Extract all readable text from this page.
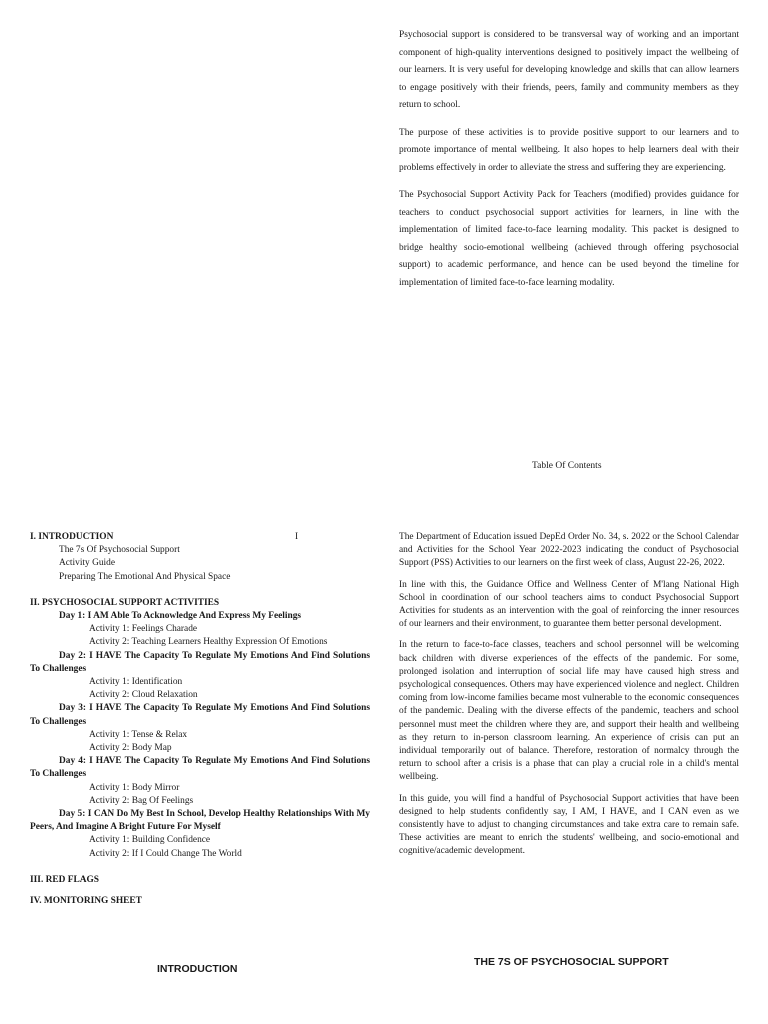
Psychosocial support is considered to be transversal way of working and an important component of high-quality interventions designed to positively impact the wellbeing of our learners. It is very useful for developing knowledge and skills that can allow learners to engage positively with their friends, peers, family and community members as they return to school.

The purpose of these activities is to provide positive support to our learners and to promote importance of mental wellbeing. It also hopes to help learners deal with their problems effectively in order to alleviate the stress and suffering they are experiencing.

The Psychosocial Support Activity Pack for Teachers (modified) provides guidance for teachers to conduct psychosocial support activities for learners, in line with the implementation of limited face-to-face learning modality. This packet is designed to bridge healthy socio-emotional wellbeing (achieved through offering psychosocial support) to academic performance, and hence can be used beyond the timeline for implementation of limited face-to-face learning modality.

Table Of Contents
I. INTRODUCTION	I
The 7s Of Psychosocial Support
Activity Guide
Preparing The Emotional And Physical Space
II. PSYCHOSOCIAL SUPPORT ACTIVITIES
Day 1: I AM Able To Acknowledge And Express My Feelings
Activity 1: Feelings Charade
Activity 2: Teaching Learners Healthy Expression Of Emotions
Day 2: I HAVE The Capacity To Regulate My Emotions And Find Solutions To Challenges
Activity 1: Identification
Activity 2: Cloud Relaxation
Day 3: I HAVE The Capacity To Regulate My Emotions And Find Solutions To Challenges
Activity 1: Tense & Relax
Activity 2: Body Map
Day 4: I HAVE The Capacity To Regulate My Emotions And Find Solutions To Challenges
Activity 1: Body Mirror
Activity 2: Bag Of Feelings
Day 5: I CAN Do My Best In School, Develop Healthy Relationships With My Peers, And Imagine A Bright Future For Myself
Activity 1: Building Confidence
Activity 2: If I Could Change The World
III. RED FLAGS
IV. MONITORING SHEET

The Department of Education issued DepEd Order No. 34, s. 2022 or the School Calendar and Activities for the School Year 2022-2023 indicating the conduct of Psychosocial Support (PSS) Activities to our learners on the first week of class, August 22-26, 2022.

In line with this, the Guidance Office and Wellness Center of M'lang National High School in coordination of our school teachers aims to conduct Psychosocial Support Activities for students as an intervention with the goal of reinforcing the inner resources of our learners and their environment, to guarantee them better personal development.

In the return to face-to-face classes, teachers and school personnel will be welcoming back children with diverse experiences of the effects of the pandemic. For some, prolonged isolation and interruption of social life may have caused high stress and psychological consequences. Others may have experienced violence and neglect. Children coming from low-income families became most vulnerable to the economic consequences of the pandemic. Dealing with the diverse effects of the pandemic, teachers and school personnel must meet the children where they are, and support their health and wellbeing as they return to in-person classroom learning. An experience of crisis can put an individual temporarily out of balance. Therefore, restoration of normalcy through the return to school after a crisis is a phase that can play a crucial role in a child's mental wellbeing.

In this guide, you will find a handful of Psychosocial Support activities that have been designed to help students confidently say, I AM, I HAVE, and I CAN even as we consistently have to adjust to changing circumstances and take extra care to remain safe. These activities are meant to enrich the students' wellbeing, and socio-emotional and cognitive/academic development.

INTRODUCTION
THE 7S OF PSYCHOSOCIAL SUPPORT
